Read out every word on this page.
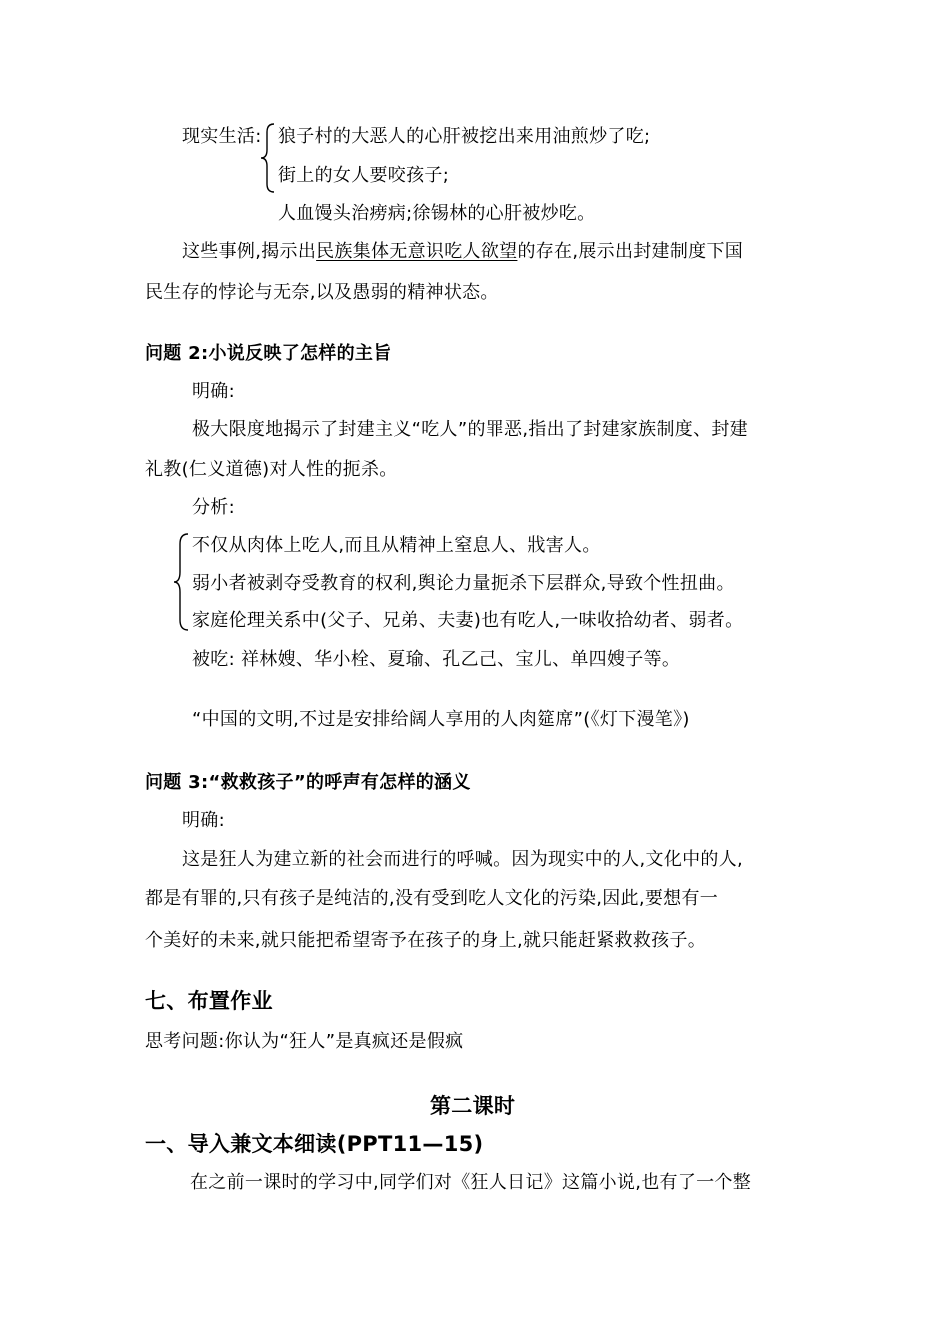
现实生活: 狼子村的大恶人的心肝被挖出来用油煎炒了吃;
街上的女人要咬孩子;
人血馒头治痨病;徐锡林的心肝被炒吃。
这些事例,揭示出民族集体无意识吃人欲望的存在,展示出封建制度下国
民生存的悖论与无奈,以及愚弱的精神状态。
问题 2:小说反映了怎样的主旨
明确:
极大限度地揭示了封建主义“吃人”的罪恶,指出了封建家族制度、封建
礼教(仁义道德)对人性的扼杀。
分析:
不仅从肉体上吃人,而且从精神上窒息人、戕害人。
弱小者被剥夺受教育的权利,舆论力量扼杀下层群众,导致个性扭曲。
家庭伦理关系中(父子、兄弟、夫妻)也有吃人,一味收拾幼者、弱者。
被吃: 祥林嫂、华小栓、夏瑜、孔乙己、宝儿、单四嫂子等。
“中国的文明,不过是安排给阔人享用的人肉筵席”(《灯下漫笔》)
问题 3:“救救孩子”的呼声有怎样的涵义
明确:
这是狂人为建立新的社会而进行的呼喊。因为现实中的人,文化中的人,
都是有罪的,只有孩子是纯洁的,没有受到吃人文化的污染,因此,要想有一
个美好的未来,就只能把希望寄予在孩子的身上,就只能赶紧救救孩子。
七、布置作业
思考问题:你认为“狂人”是真疯还是假疯
第二课时
一、导入兼文本细读(PPT11—15)
在之前一课时的学习中,同学们对《狂人日记》这篇小说,也有了一个整
